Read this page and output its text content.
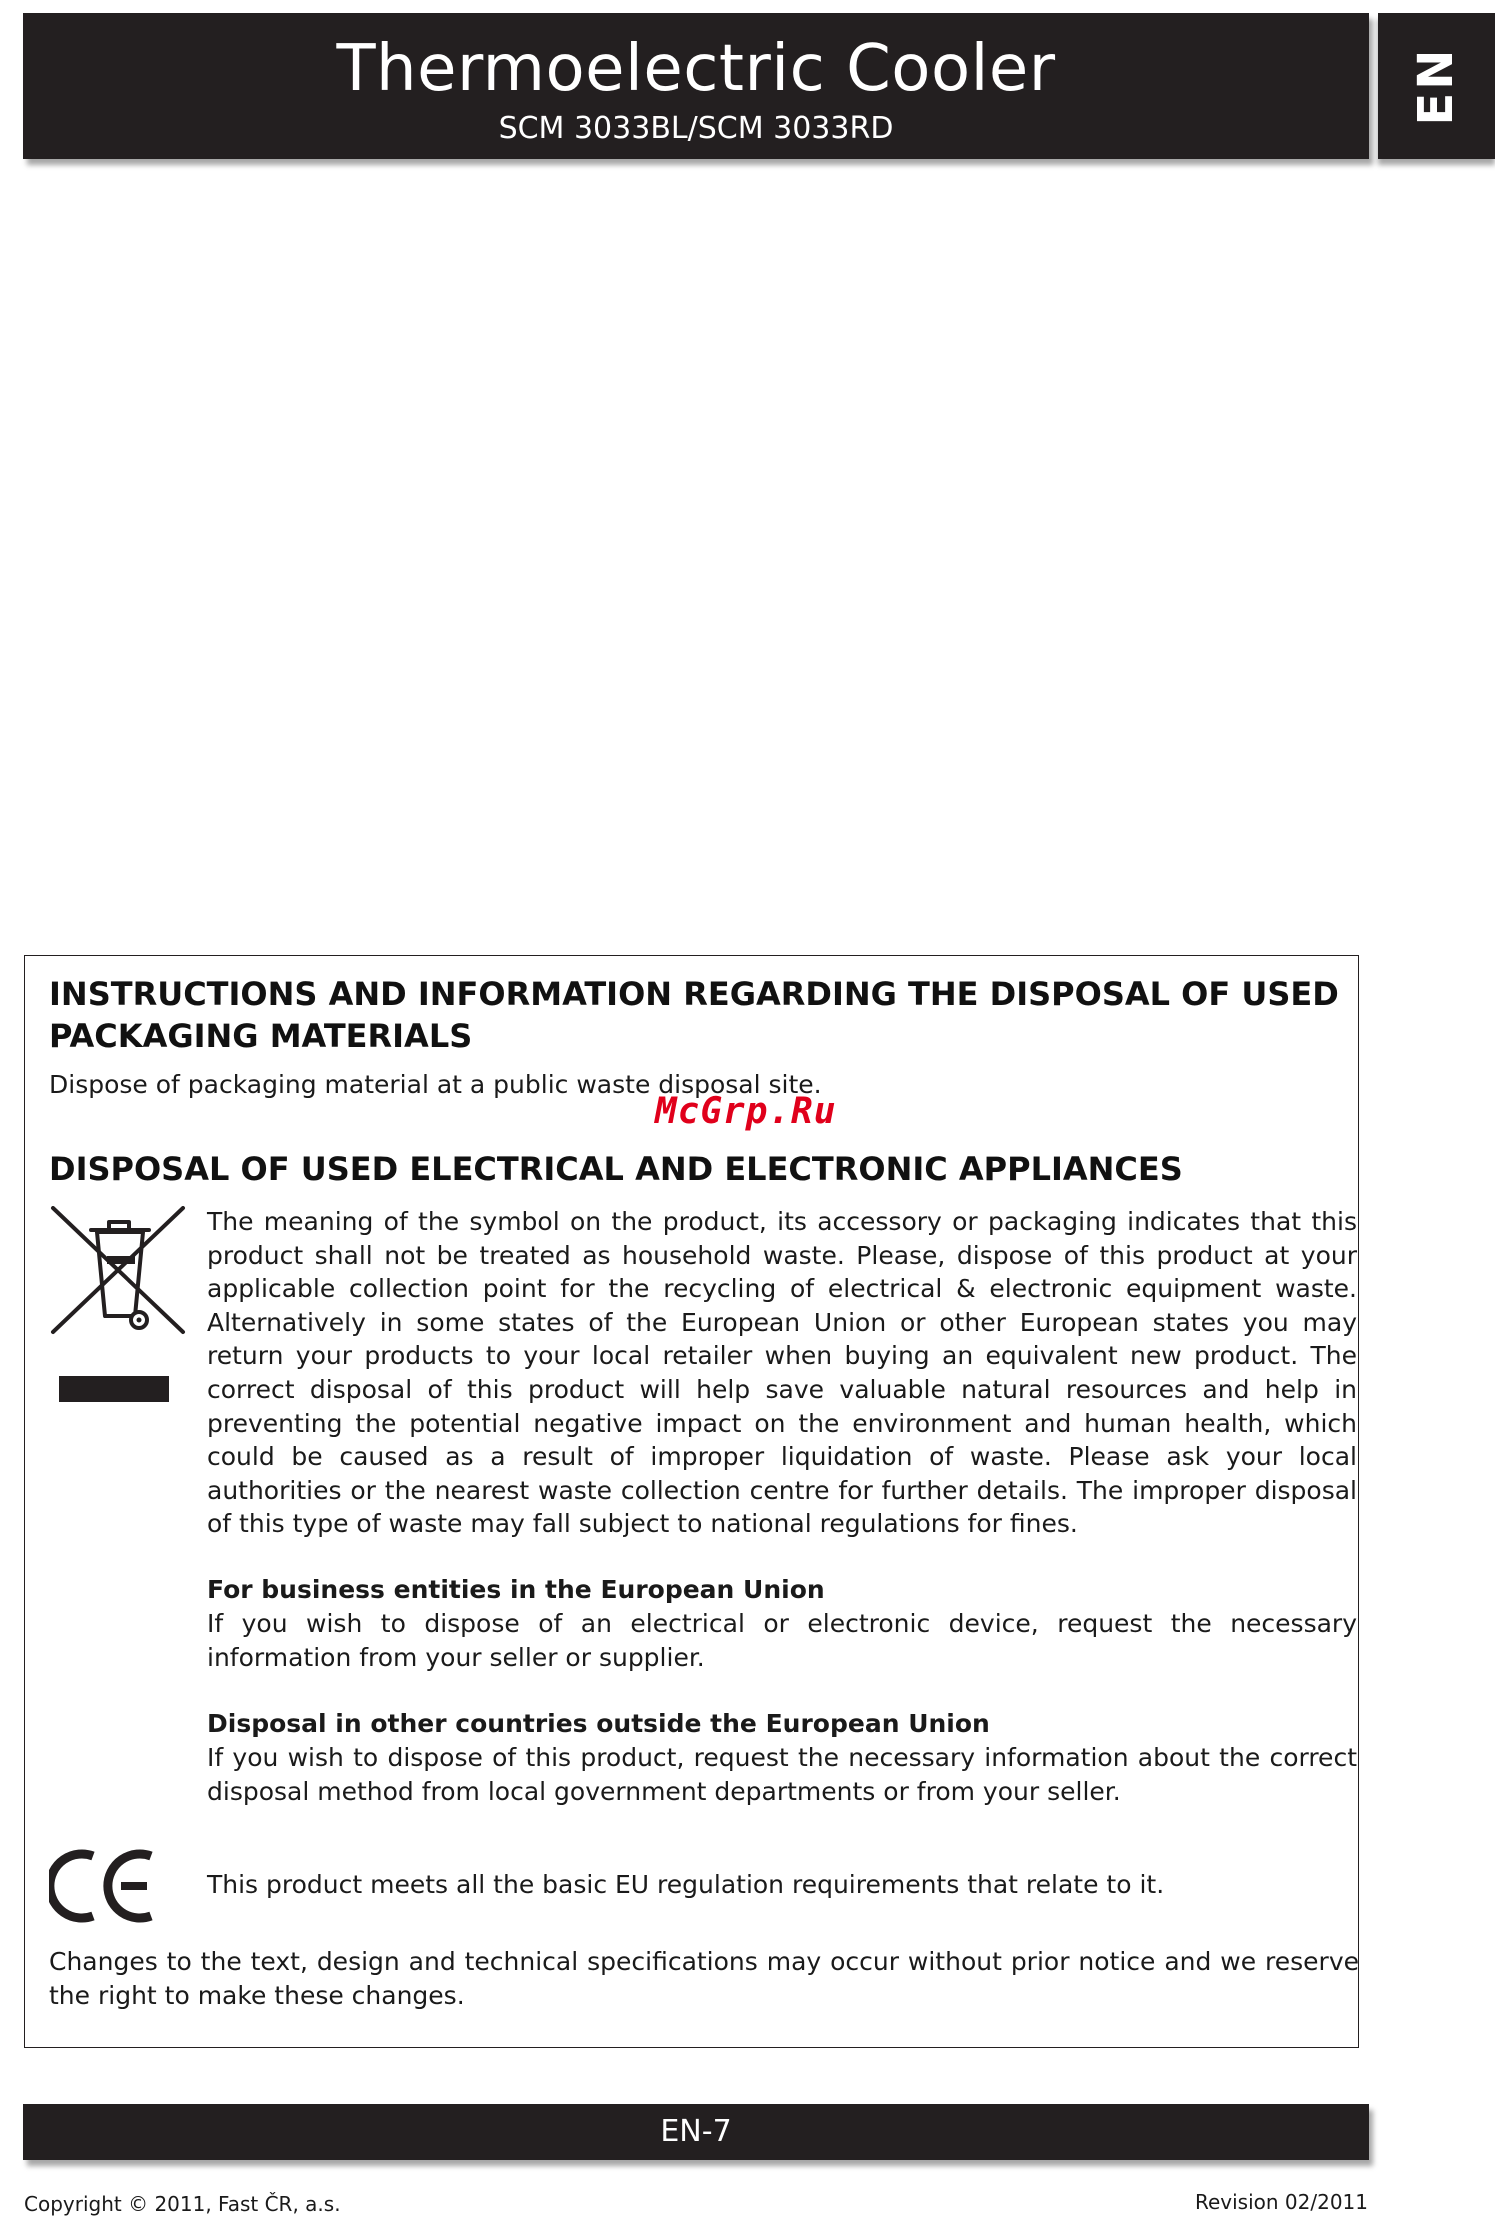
Thermoelectric Cooler
SCM 3033BL/SCM 3033RD
EN
INSTRUCTIONS AND INFORMATION REGARDING THE DISPOSAL OF USED PACKAGING MATERIALS
Dispose of packaging material at a public waste disposal site.
DISPOSAL OF USED ELECTRICAL AND ELECTRONIC APPLIANCES
The meaning of the symbol on the product, its accessory or packaging indicates that this product shall not be treated as household waste. Please, dispose of this product at your applicable collection point for the recycling of electrical & electronic equipment waste. Alternatively in some states of the European Union or other European states you may return your products to your local retailer when buying an equivalent new product. The correct disposal of this product will help save valuable natural resources and help in preventing the potential negative impact on the environment and human health, which could be caused as a result of improper liquidation of waste. Please ask your local authorities or the nearest waste collection centre for further details. The improper disposal of this type of waste may fall subject to national regulations for fines.
For business entities in the European Union
If you wish to dispose of an electrical or electronic device, request the necessary information from your seller or supplier.
Disposal in other countries outside the European Union
If you wish to dispose of this product, request the necessary information about the correct disposal method from local government departments or from your seller.
This product meets all the basic EU regulation requirements that relate to it.
Changes to the text, design and technical specifications may occur without prior notice and we reserve the right to make these changes.
McGrp.Ru
EN-7
Copyright © 2011, Fast ČR, a.s.	Revision 02/2011
